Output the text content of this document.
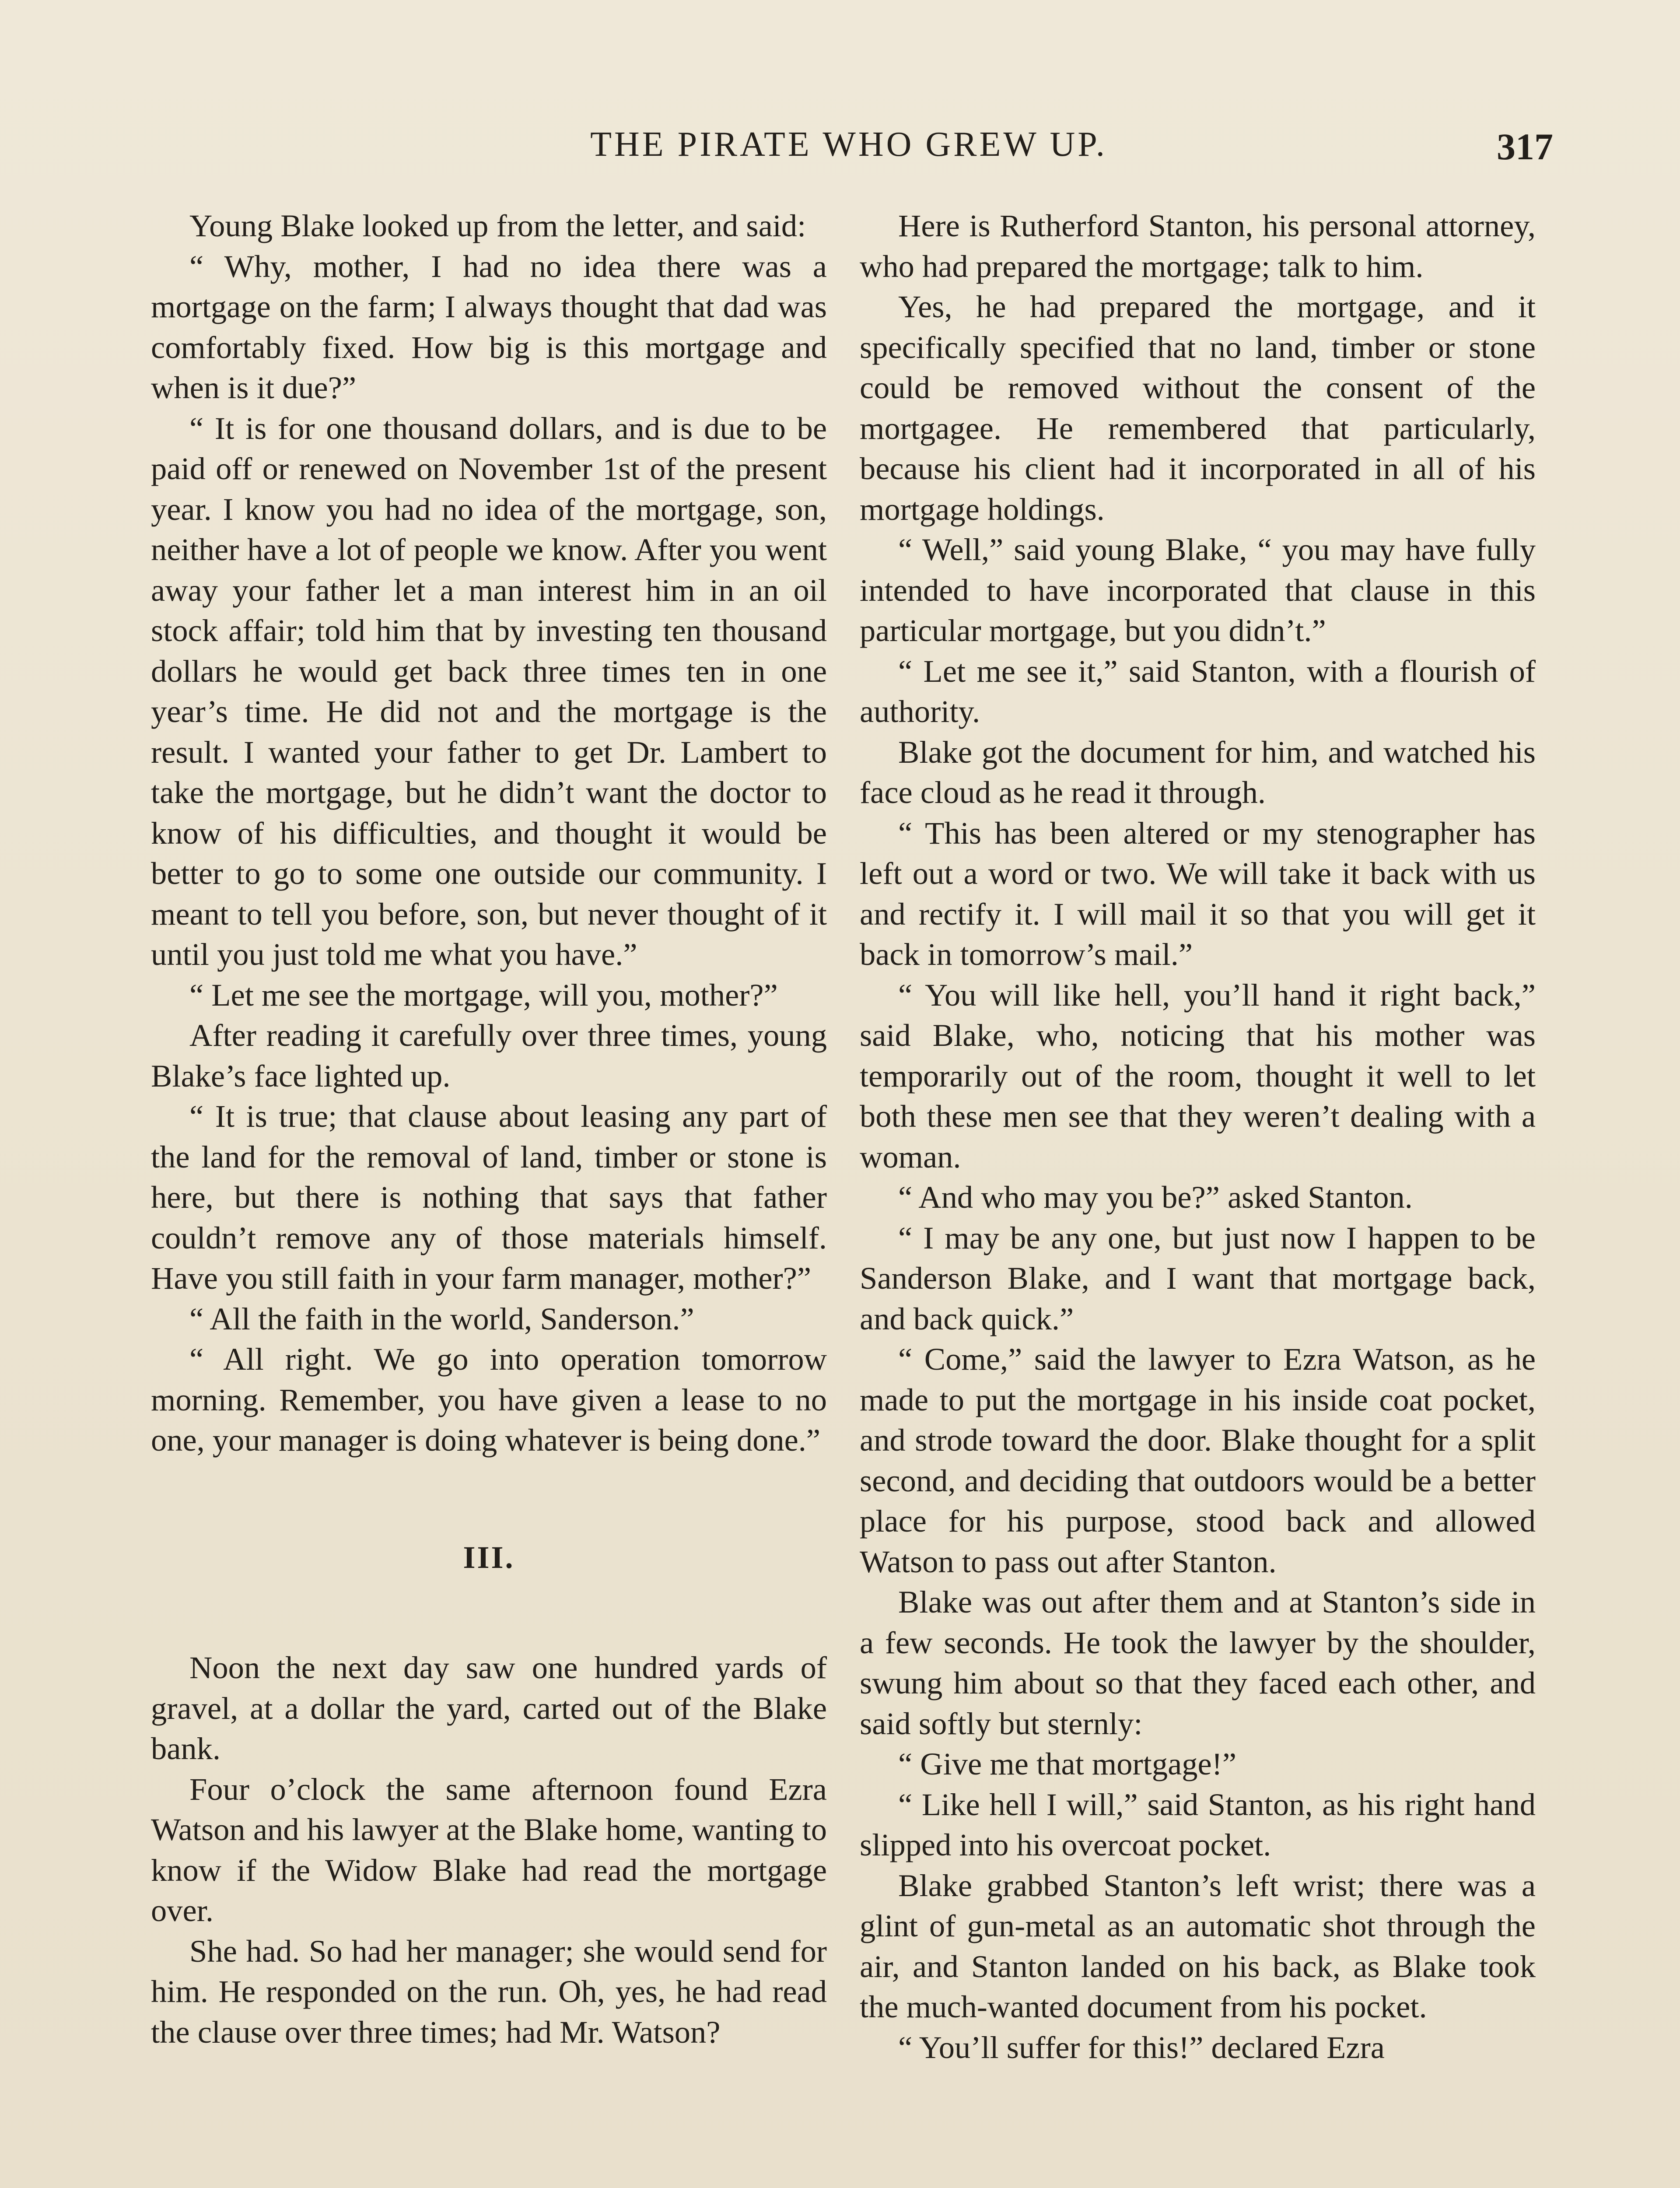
THE PIRATE WHO GREW UP.	317

Young Blake looked up from the letter, and said:

“ Why, mother, I had no idea there was a mortgage on the farm; I always thought that dad was comfortably fixed. How big is this mortgage and when is it due?”

“ It is for one thousand dollars, and is due to be paid off or renewed on November 1st of the present year. I know you had no idea of the mortgage, son, neither have a lot of people we know. After you went away your father let a man interest him in an oil stock affair; told him that by investing ten thousand dollars he would get back three times ten in one year’s time. He did not and the mortgage is the result. I wanted your father to get Dr. Lambert to take the mortgage, but he didn’t want the doctor to know of his difficulties, and thought it would be better to go to some one outside our community. I meant to tell you before, son, but never thought of it until you just told me what you have.”

“ Let me see the mortgage, will you, mother?”

After reading it carefully over three times, young Blake’s face lighted up.

“ It is true; that clause about leasing any part of the land for the removal of land, timber or stone is here, but there is nothing that says that father couldn’t remove any of those materials himself. Have you still faith in your farm manager, mother?”

“ All the faith in the world, Sanderson.”

“ All right. We go into operation tomorrow morning. Remember, you have given a lease to no one, your manager is doing whatever is being done.”

III.

Noon the next day saw one hundred yards of gravel, at a dollar the yard, carted out of the Blake bank.

Four o’clock the same afternoon found Ezra Watson and his lawyer at the Blake home, wanting to know if the Widow Blake had read the mortgage over.

She had. So had her manager; she would send for him. He responded on the run. Oh, yes, he had read the clause over three times; had Mr. Watson?

Here is Rutherford Stanton, his personal attorney, who had prepared the mortgage; talk to him.

Yes, he had prepared the mortgage, and it specifically specified that no land, timber or stone could be removed without the consent of the mortgagee. He remembered that particularly, because his client had it incorporated in all of his mortgage holdings.

“ Well,” said young Blake, “ you may have fully intended to have incorporated that clause in this particular mortgage, but you didn’t.”

“ Let me see it,” said Stanton, with a flourish of authority.

Blake got the document for him, and watched his face cloud as he read it through.

“ This has been altered or my stenographer has left out a word or two. We will take it back with us and rectify it. I will mail it so that you will get it back in tomorrow’s mail.”

“ You will like hell, you’ll hand it right back,” said Blake, who, noticing that his mother was temporarily out of the room, thought it well to let both these men see that they weren’t dealing with a woman.

“ And who may you be?” asked Stanton.

“ I may be any one, but just now I happen to be Sanderson Blake, and I want that mortgage back, and back quick.”

“ Come,” said the lawyer to Ezra Watson, as he made to put the mortgage in his inside coat pocket, and strode toward the door. Blake thought for a split second, and deciding that outdoors would be a better place for his purpose, stood back and allowed Watson to pass out after Stanton.

Blake was out after them and at Stanton’s side in a few seconds. He took the lawyer by the shoulder, swung him about so that they faced each other, and said softly but sternly:

“ Give me that mortgage!”

“ Like hell I will,” said Stanton, as his right hand slipped into his overcoat pocket.

Blake grabbed Stanton’s left wrist; there was a glint of gun-metal as an automatic shot through the air, and Stanton landed on his back, as Blake took the much-wanted document from his pocket.

“ You’ll suffer for this!” declared Ezra
